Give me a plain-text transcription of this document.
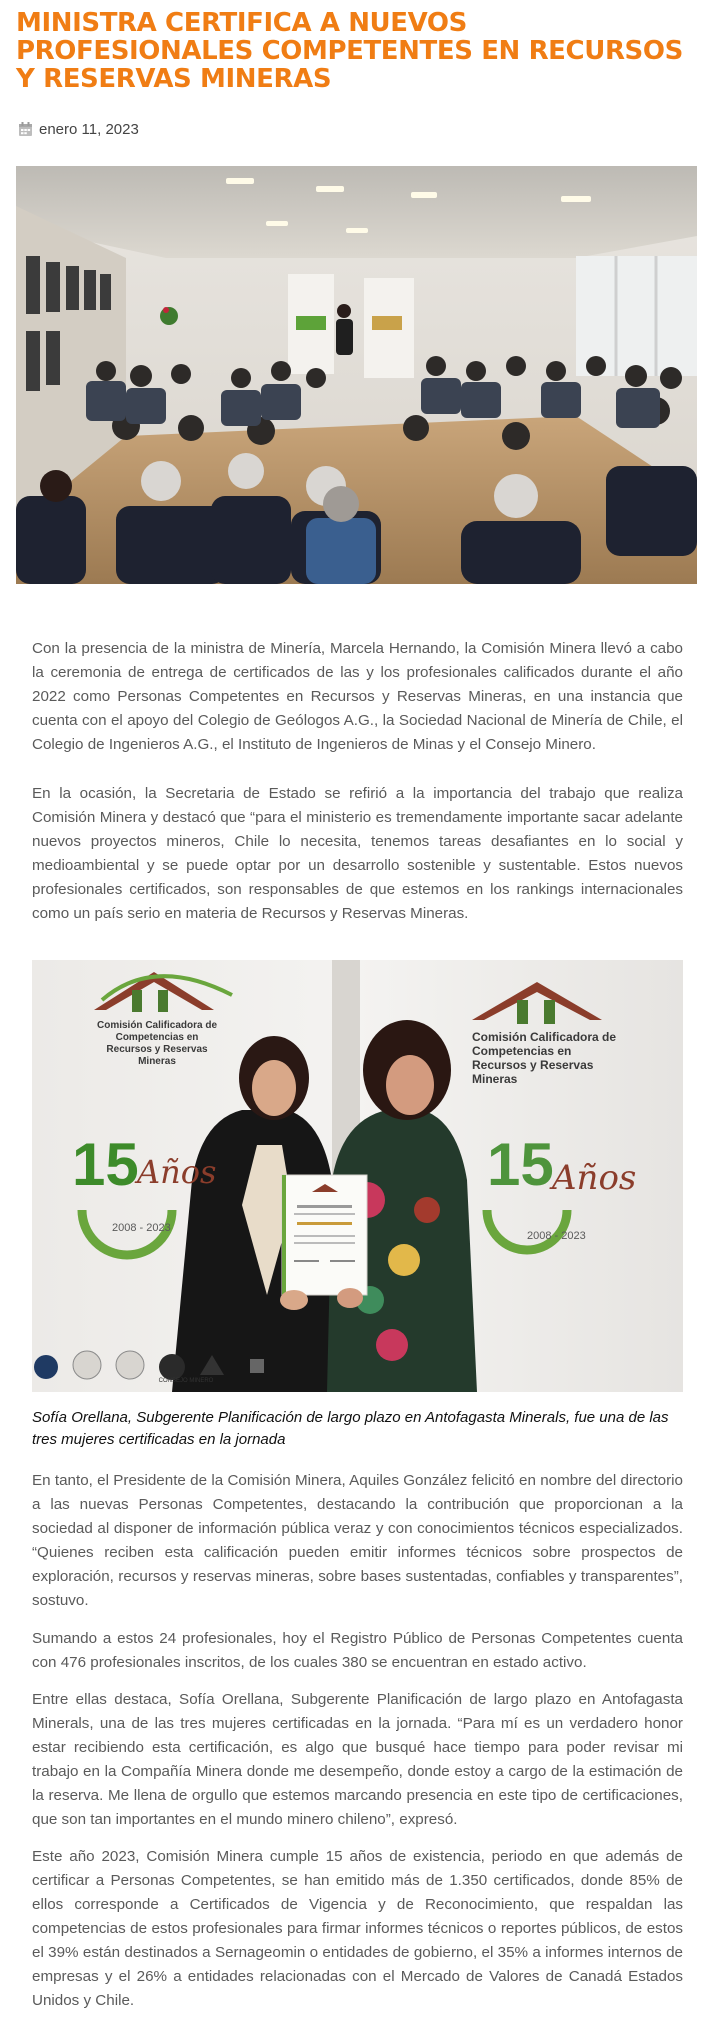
MINISTRA CERTIFICA A NUEVOS PROFESIONALES COMPETENTES EN RECURSOS Y RESERVAS MINERAS
enero 11, 2023

Con la presencia de la ministra de Minería, Marcela Hernando, la Comisión Minera llevó a cabo la ceremonia de entrega de certificados de las y los profesionales calificados durante el año 2022 como Personas Competentes en Recursos y Reservas Mineras, en una instancia que cuenta con el apoyo del Colegio de Geólogos A.G., la Sociedad Nacional de Minería de Chile, el Colegio de Ingenieros A.G., el Instituto de Ingenieros de Minas y el Consejo Minero.

En la ocasión, la Secretaria de Estado se refirió a la importancia del trabajo que realiza Comisión Minera y destacó que “para el ministerio es tremendamente importante sacar adelante nuevos proyectos mineros, Chile lo necesita, tenemos tareas desafiantes en lo social y medioambiental y se puede optar por un desarrollo sostenible y sustentable. Estos nuevos profesionales certificados, son responsables de que estemos en los rankings internacionales como un país serio en materia de Recursos y Reservas Mineras.

Comisión Calificadora de Competencias en Recursos y Reservas Mineras
Comisión Calificadora de Competencias en Recursos y Reservas Mineras
15
Años
2008 - 2023
15
Años
2008 - 2023
CONSEJO MINERO

Sofía Orellana, Subgerente Planificación de largo plazo en Antofagasta Minerals, fue una de las tres mujeres certificadas en la jornada

En tanto, el Presidente de la Comisión Minera, Aquiles González felicitó en nombre del directorio a las nuevas Personas Competentes, destacando la contribución que proporcionan a la sociedad al disponer de información pública veraz y con conocimientos técnicos especializados. “Quienes reciben esta calificación pueden emitir informes técnicos sobre prospectos de exploración, recursos y reservas mineras, sobre bases sustentadas, confiables y transparentes”, sostuvo.

Sumando a estos 24 profesionales, hoy el Registro Público de Personas Competentes cuenta con 476 profesionales inscritos, de los cuales 380 se encuentran en estado activo.

Entre ellas destaca, Sofía Orellana, Subgerente Planificación de largo plazo en Antofagasta Minerals, una de las tres mujeres certificadas en la jornada. “Para mí es un verdadero honor estar recibiendo esta certificación, es algo que busqué hace tiempo para poder revisar mi trabajo en la Compañía Minera donde me desempeño, donde estoy a cargo de la estimación de la reserva. Me llena de orgullo que estemos marcando presencia en este tipo de certificaciones, que son tan importantes en el mundo minero chileno”, expresó.

Este año 2023, Comisión Minera cumple 15 años de existencia, periodo en que además de certificar a Personas Competentes, se han emitido más de 1.350 certificados, donde 85% de ellos corresponde a Certificados de Vigencia y de Reconocimiento, que respaldan las competencias de estos profesionales para firmar informes técnicos o reportes públicos, de estos el 39% están destinados a Sernageomin o entidades de gobierno, el 35% a informes internos de empresas y el 26% a entidades relacionadas con el Mercado de Valores de Canadá Estados Unidos y Chile.
